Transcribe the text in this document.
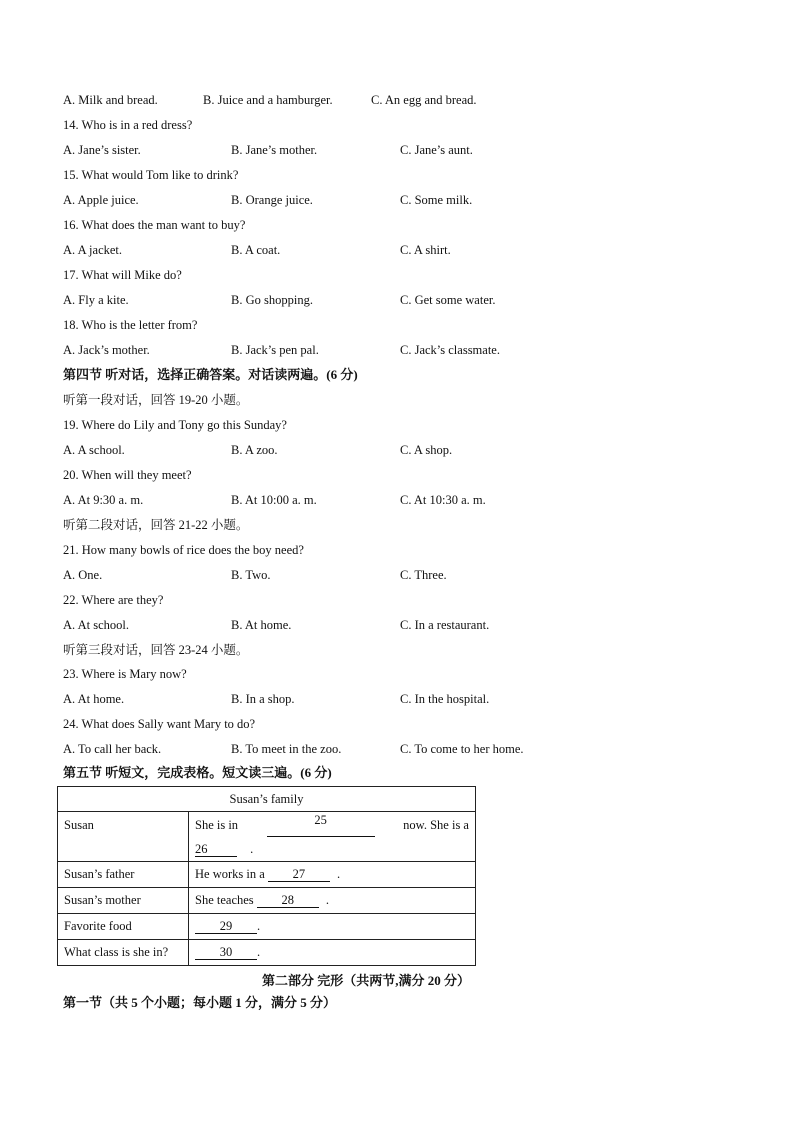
A. Milk and bread.	B. Juice and a hamburger.	C. An egg and bread.
14. Who is in a red dress?
A. Jane’s sister.	B. Jane’s mother.	C. Jane’s aunt.
15. What would Tom like to drink?
A. Apple juice.	B. Orange juice.	C. Some milk.
16. What does the man want to buy?
A. A jacket.	B. A coat.	C. A shirt.
17. What will Mike do?
A. Fly a kite.	B. Go shopping.	C. Get some water.
18. Who is the letter from?
A. Jack’s mother.	B. Jack’s pen pal.	C. Jack’s classmate.
第四节 听对话，选择正确答案。对话读两遍。(6 分)
听第一段对话，回答 19-20 小题。
19. Where do Lily and Tony go this Sunday?
A. A school.	B. A zoo.	C. A shop.
20. When will they meet?
A. At 9:30 a. m.	B. At 10:00 a. m.	C. At 10:30 a. m.
听第二段对话，回答 21-22 小题。
21. How many bowls of rice does the boy need?
A. One.	B. Two.	C. Three.
22. Where are they?
A. At school.	B. At home.	C. In a restaurant.
听第三段对话，回答 23-24 小题。
23. Where is Mary now?
A. At home.	B. In a shop.	C. In the hospital.
24. What does Sally want Mary to do?
A. To call her back.	B. To meet in the zoo.	C. To come to her home.
第五节 听短文，完成表格。短文读三遍。(6 分)
Susan’s family	
Susan	She is in 25 now. She is a
26 .

Susan’s father	He works in a 27 .
Susan’s mother	She teaches 28 .
Favorite food	29 .
What class is she in?	30 .
第二部分 完形（共两节,满分 20 分）
第一节（共 5 个小题；每小题 1 分，满分 5 分）
